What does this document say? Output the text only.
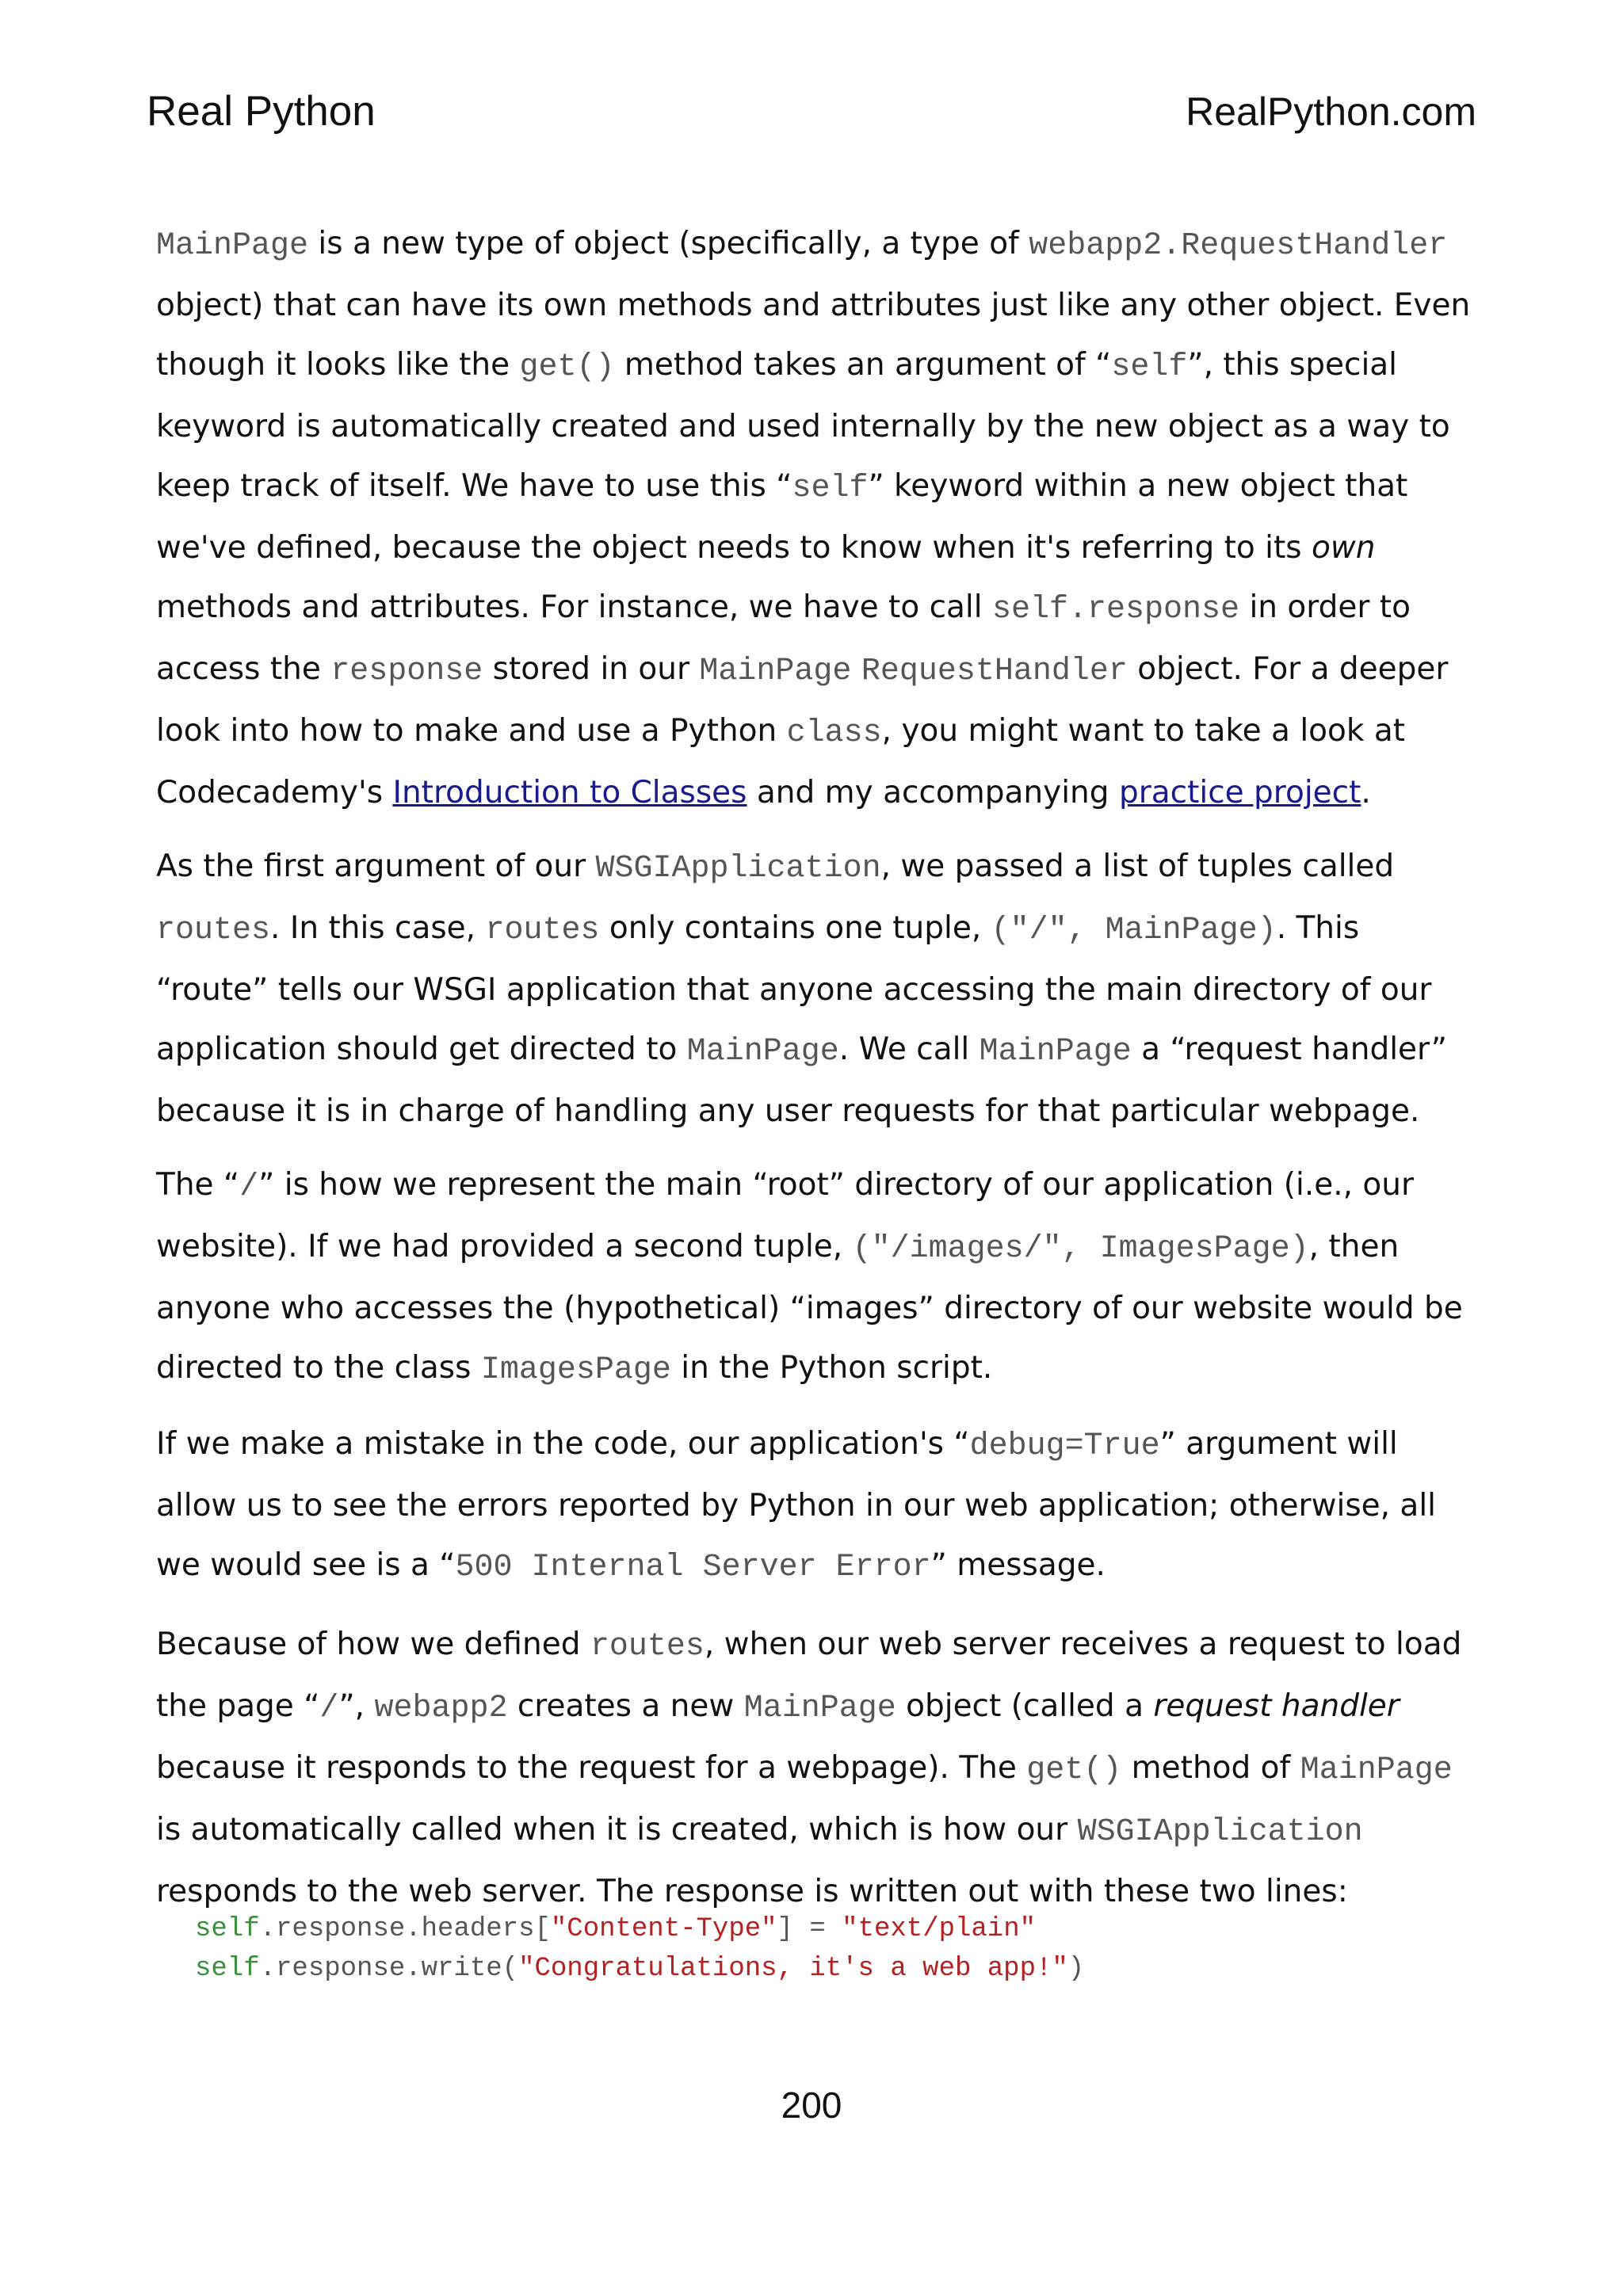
Real Python	RealPython.com

MainPage is a new type of object (specifically, a type of webapp2.RequestHandler object) that can have its own methods and attributes just like any other object. Even though it looks like the get() method takes an argument of “self”, this special keyword is automatically created and used internally by the new object as a way to keep track of itself. We have to use this “self” keyword within a new object that we've defined, because the object needs to know when it's referring to its own methods and attributes. For instance, we have to call self.response in order to access the response stored in our MainPage RequestHandler object. For a deeper look into how to make and use a Python class, you might want to take a look at Codecademy's Introduction to Classes and my accompanying practice project.

As the first argument of our WSGIApplication, we passed a list of tuples called routes. In this case, routes only contains one tuple, ("/", MainPage). This “route” tells our WSGI application that anyone accessing the main directory of our application should get directed to MainPage. We call MainPage a “request handler” because it is in charge of handling any user requests for that particular webpage.

The “/” is how we represent the main “root” directory of our application (i.e., our website). If we had provided a second tuple, ("/images/", ImagesPage), then anyone who accesses the (hypothetical) “images” directory of our website would be directed to the class ImagesPage in the Python script.

If we make a mistake in the code, our application's “debug=True” argument will allow us to see the errors reported by Python in our web application; otherwise, all we would see is a “500 Internal Server Error” message.

Because of how we defined routes, when our web server receives a request to load the page “/”, webapp2 creates a new MainPage object (called a request handler because it responds to the request for a webpage). The get() method of MainPage is automatically called when it is created, which is how our WSGIApplication responds to the web server. The response is written out with these two lines:

self.response.headers["Content-Type"] = "text/plain"
self.response.write("Congratulations, it's a web app!")
200
